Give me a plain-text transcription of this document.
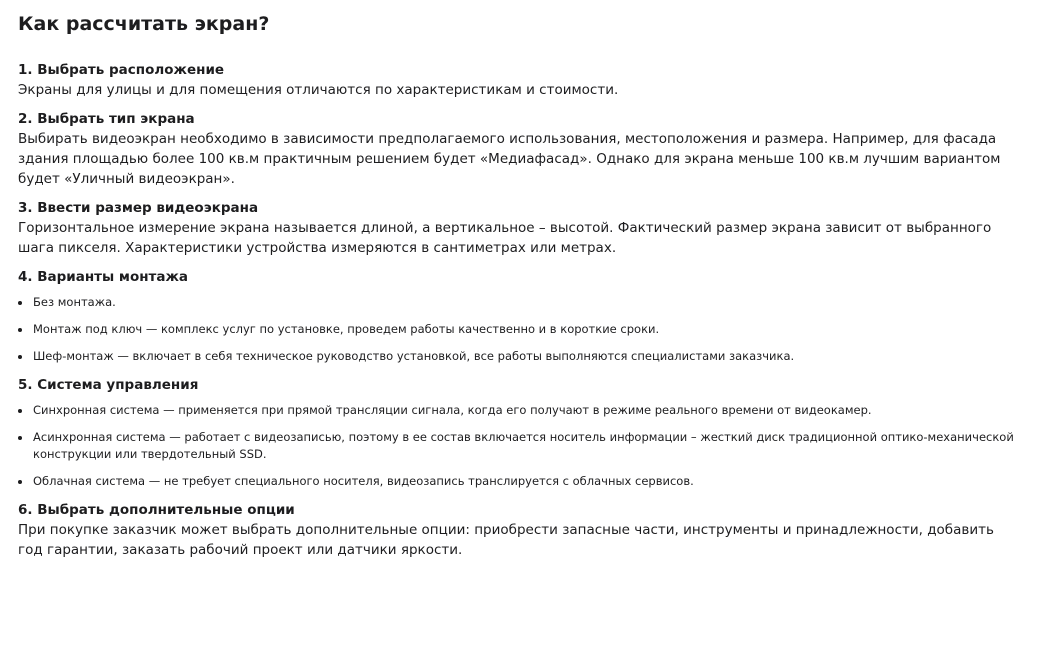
Как рассчитать экран?

1. Выбрать расположение

Экраны для улицы и для помещения отличаются по характеристикам и стоимости.

2. Выбрать тип экрана

Выбирать видеоэкран необходимо в зависимости предполагаемого использования, местоположения и размера. Например, для фасада здания площадью более 100 кв.м практичным решением будет «Медиафасад». Однако для экрана меньше 100 кв.м лучшим вариантом будет «Уличный видеоэкран».

3. Ввести размер видеоэкрана

Горизонтальное измерение экрана называется длиной, а вертикальное – высотой. Фактический размер экрана зависит от выбранного шага пикселя. Характеристики устройства измеряются в сантиметрах или метрах.

4. Варианты монтажа

Без монтажа.
Монтаж под ключ — комплекс услуг по установке, проведем работы качественно и в короткие сроки.
Шеф-монтаж — включает в себя техническое руководство установкой, все работы выполняются специалистами заказчика.

5. Система управления

Синхронная система — применяется при прямой трансляции сигнала, когда его получают в режиме реального времени от видеокамер.
Асинхронная система — работает с видеозаписью, поэтому в ее состав включается носитель информации – жесткий диск традиционной оптико-механической конструкции или твердотельный SSD.
Облачная система — не требует специального носителя, видеозапись транслируется с облачных сервисов.

6. Выбрать дополнительные опции

При покупке заказчик может выбрать дополнительные опции: приобрести запасные части, инструменты и принадлежности, добавить год гарантии, заказать рабочий проект или датчики яркости.
